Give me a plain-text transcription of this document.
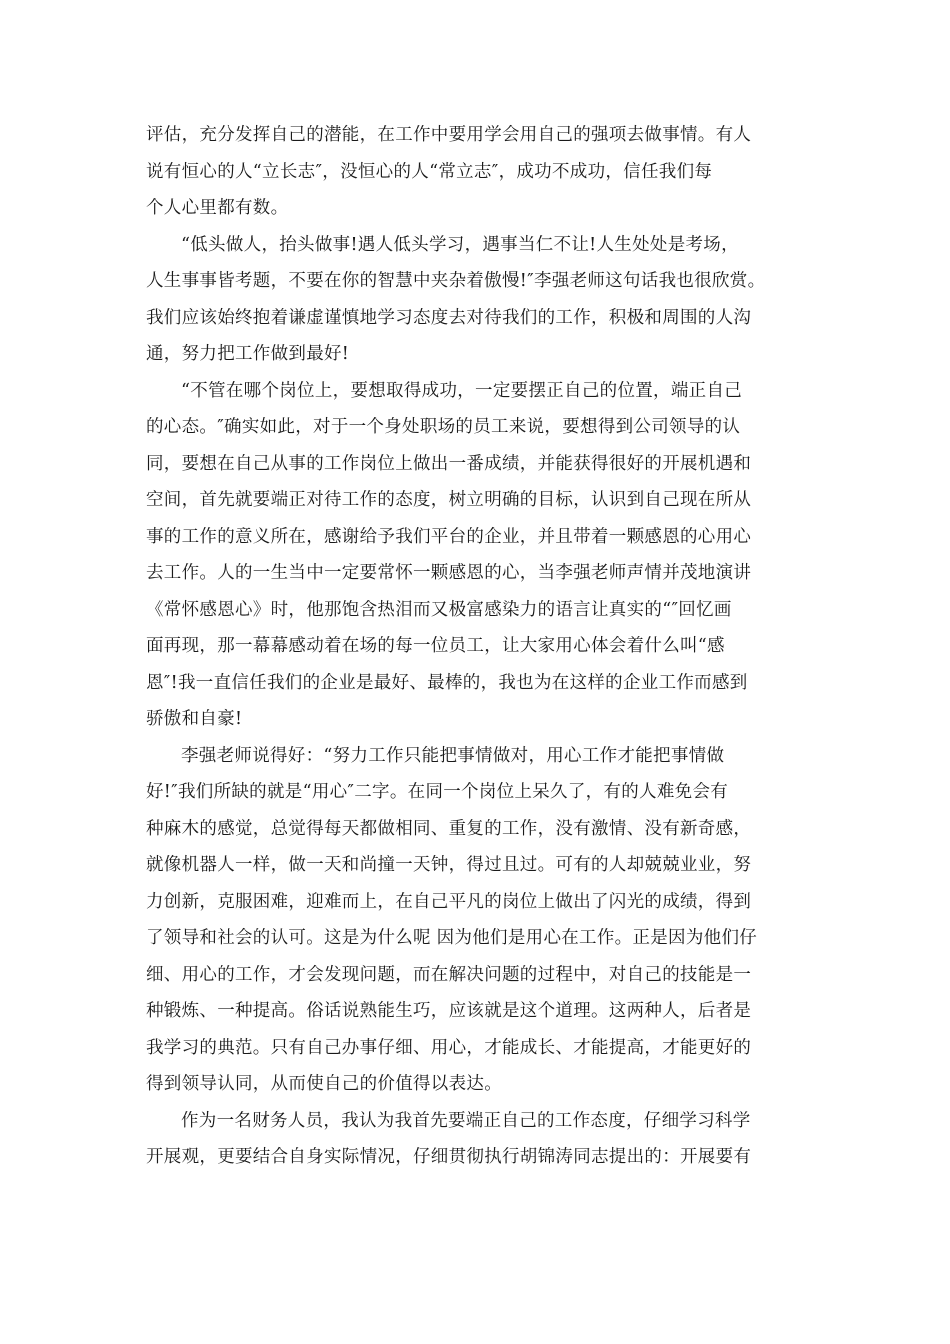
评估，充分发挥自己的潜能，在工作中要用学会用自己的强项去做事情。有人
说有恒心的人“立长志″，没恒心的人“常立志″，成功不成功，信任我们每
个人心里都有数。
“低头做人，抬头做事!遇人低头学习，遇事当仁不让!人生处处是考场，
人生事事皆考题，不要在你的智慧中夹杂着傲慢!″李强老师这句话我也很欣赏。
我们应该始终抱着谦虚谨慎地学习态度去对待我们的工作，积极和周围的人沟
通，努力把工作做到最好!
“不管在哪个岗位上，要想取得成功，一定要摆正自己的位置，端正自己
的心态。″确实如此，对于一个身处职场的员工来说，要想得到公司领导的认
同，要想在自己从事的工作岗位上做出一番成绩，并能获得很好的开展机遇和
空间，首先就要端正对待工作的态度，树立明确的目标，认识到自己现在所从
事的工作的意义所在，感谢给予我们平台的企业，并且带着一颗感恩的心用心
去工作。人的一生当中一定要常怀一颗感恩的心，当李强老师声情并茂地演讲
《常怀感恩心》时，他那饱含热泪而又极富感染力的语言让真实的“″回忆画
面再现，那一幕幕感动着在场的每一位员工，让大家用心体会着什么叫“感
恩″!我一直信任我们的企业是最好、最棒的，我也为在这样的企业工作而感到
骄傲和自豪!
李强老师说得好：“努力工作只能把事情做对，用心工作才能把事情做
好!″我们所缺的就是“用心″二字。在同一个岗位上呆久了，有的人难免会有
种麻木的感觉，总觉得每天都做相同、重复的工作，没有激情、没有新奇感，
就像机器人一样，做一天和尚撞一天钟，得过且过。可有的人却兢兢业业，努
力创新，克服困难，迎难而上，在自己平凡的岗位上做出了闪光的成绩，得到
了领导和社会的认可。这是为什么呢 因为他们是用心在工作。正是因为他们仔
细、用心的工作，才会发现问题，而在解决问题的过程中，对自己的技能是一
种锻炼、一种提高。俗话说熟能生巧，应该就是这个道理。这两种人，后者是
我学习的典范。只有自己办事仔细、用心，才能成长、才能提高，才能更好的
得到领导认同，从而使自己的价值得以表达。
作为一名财务人员，我认为我首先要端正自己的工作态度，仔细学习科学
开展观，更要结合自身实际情况，仔细贯彻执行胡锦涛同志提出的：开展要有
